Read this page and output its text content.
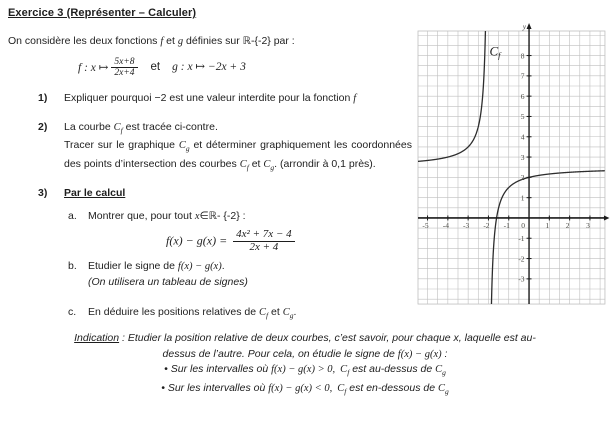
Exercice 3 (Représenter – Calculer)

On considère les deux fonctions f et g définies sur ℝ-{-2} par :

f : x ↦ $\frac{5x+8}{2x+4}$ et g : x ↦ −2x + 3
1)	Expliquer pourquoi −2 est une valeur interdite pour la fonction f
2)	La courbe $C_f$ est tracée ci-contre.

Tracer sur le graphique $C_g$ et déterminer graphiquement les coordonnées des points d’intersection des courbes $C_f$ et $C_g$. (arrondir à 0,1 près).

3)	Par le calcul
a.	Montrer que, pour tout x∈ℝ- {-2} :
$f(x) - g(x) = \frac{\text{4x² + 7x − 4}}{2x + 4}$
b.	Etudier le signe de f(x) − g(x).
(On utilisera un tableau de signes)
c.	En déduire les positions relatives de $C_f$ et $C_g$.
-5 -4 -3 -2 -1	1 2 3
0
-3
-2
-1
1
2
3
4
5
6
7
8
y
Cf
Indication : Etudier la position relative de deux courbes, c’est savoir, pour chaque x, laquelle est au-
dessus de l’autre. Pour cela, on étudie le signe de f(x) − g(x) :
• Sur les intervalles où f(x) − g(x) > 0, $C_f$ est au-dessus de $C_g$
• Sur les intervalles où f(x) − g(x) < 0, $C_f$ est en-dessous de $C_g$
